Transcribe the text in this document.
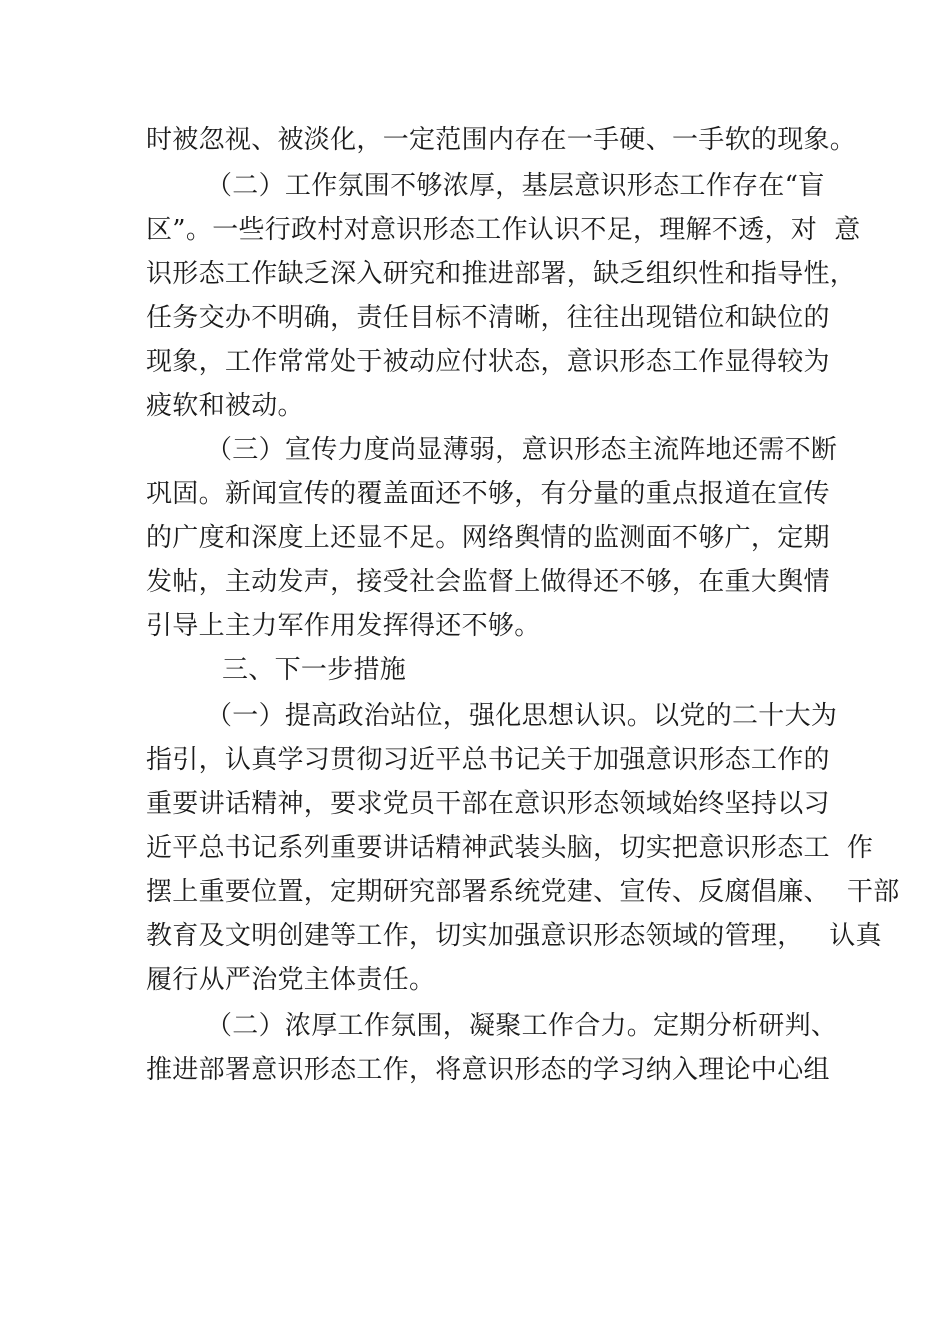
时被忽视、被淡化，一定范围内存在一手硬、一手软的现象。

（二）工作氛围不够浓厚，基层意识形态工作存在“盲

区”。一些行政村对意识形态工作认识不足，理解不透，对  意

识形态工作缺乏深入研究和推进部署，缺乏组织性和指导性，

任务交办不明确，责任目标不清晰，往往出现错位和缺位的

现象，工作常常处于被动应付状态，意识形态工作显得较为

疲软和被动。

（三）宣传力度尚显薄弱，意识形态主流阵地还需不断

巩固。新闻宣传的覆盖面还不够，有分量的重点报道在宣传

的广度和深度上还显不足。网络舆情的监测面不够广，定期

发帖，主动发声，接受社会监督上做得还不够，在重大舆情

引导上主力军作用发挥得还不够。

三、下一步措施

（一）提高政治站位，强化思想认识。以党的二十大为

指引，认真学习贯彻习近平总书记关于加强意识形态工作的

重要讲话精神，要求党员干部在意识形态领域始终坚持以习

近平总书记系列重要讲话精神武装头脑，切实把意识形态工  作

摆上重要位置，定期研究部署系统党建、宣传、反腐倡廉、  干部

教育及文明创建等工作，切实加强意识形态领域的管理，   认真

履行从严治党主体责任。

（二）浓厚工作氛围，凝聚工作合力。定期分析研判、

推进部署意识形态工作，将意识形态的学习纳入理论中心组
